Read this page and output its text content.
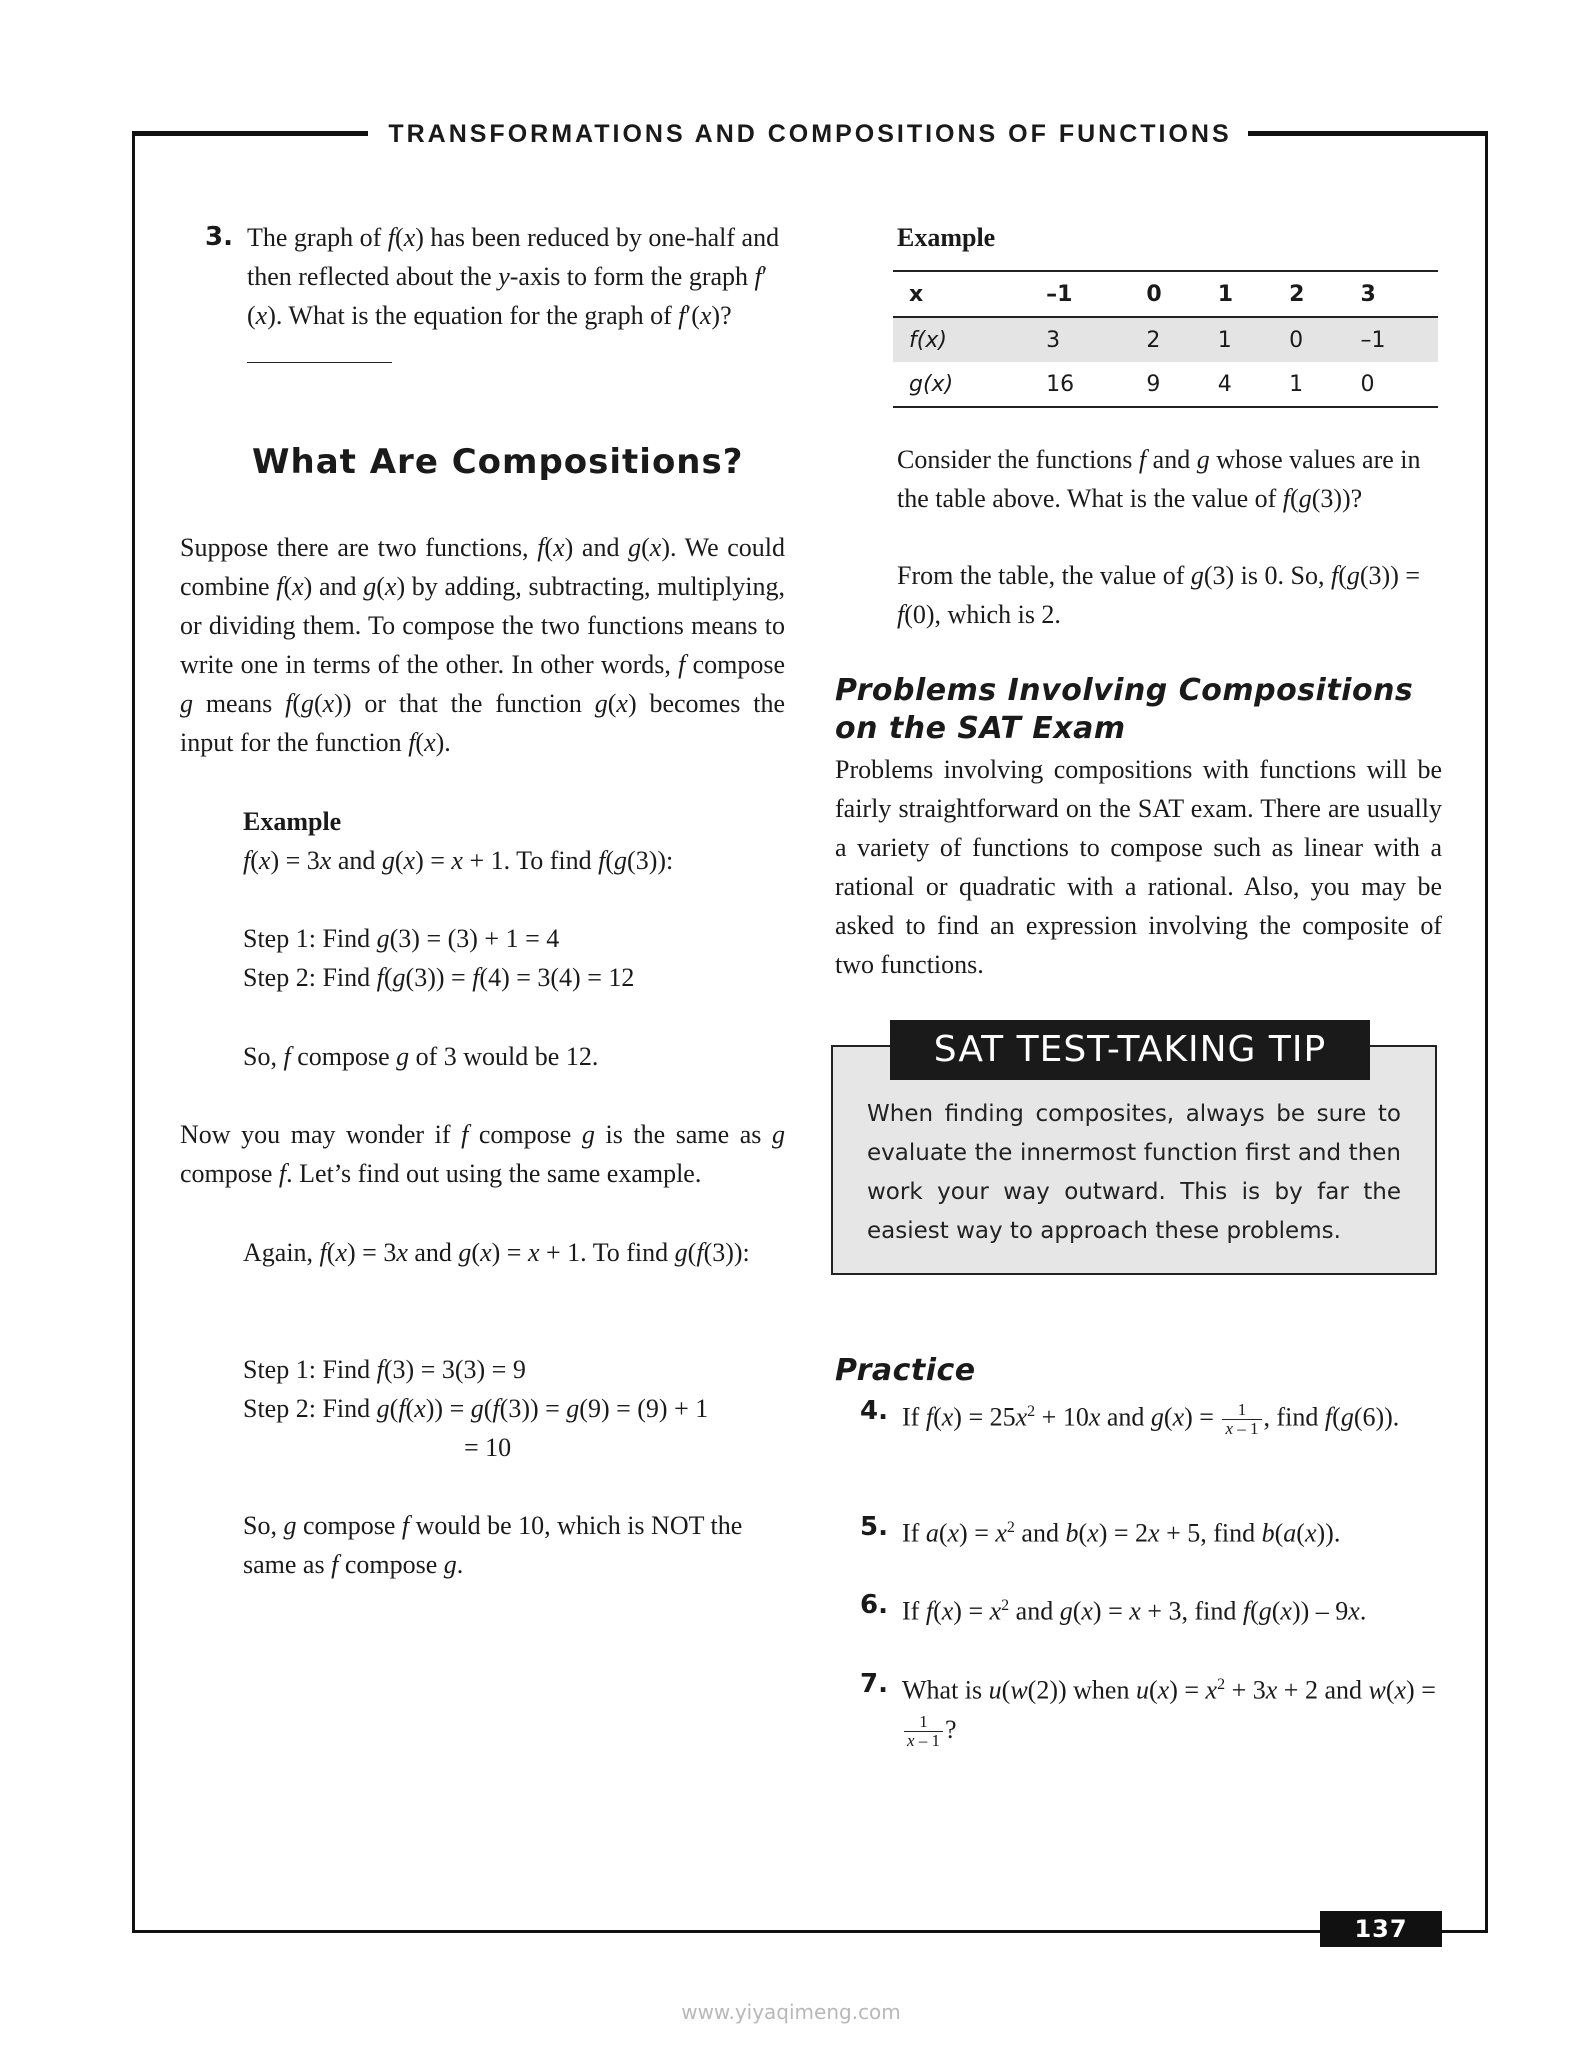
TRANSFORMATIONS AND COMPOSITIONS OF FUNCTIONS
3. The graph of f(x) has been reduced by one-half and then reflected about the y-axis to form the graph f′(x). What is the equation for the graph of f′(x)?
What Are Compositions?
Suppose there are two functions, f(x) and g(x). We could combine f(x) and g(x) by adding, subtracting, multiplying, or dividing them. To compose the two functions means to write one in terms of the other. In other words, f compose g means f(g(x)) or that the function g(x) becomes the input for the function f(x).
Example
f(x) = 3x and g(x) = x + 1. To find f(g(3)):
Step 1: Find g(3) = (3) + 1 = 4
Step 2: Find f(g(3)) = f(4) = 3(4) = 12
So, f compose g of 3 would be 12.
Now you may wonder if f compose g is the same as g compose f. Let’s find out using the same example.
Again, f(x) = 3x and g(x) = x + 1. To find g(f(3)):
Step 1: Find f(3) = 3(3) = 9
Step 2: Find g(f(x)) = g(f(3)) = g(9) = (9) + 1
= 10
So, g compose f would be 10, which is NOT the same as f compose g.
Example
x	–1	0	1	2	3
f(x)	3	2	1	0	–1
g(x)	16	9	4	1	0
Consider the functions f and g whose values are in the table above. What is the value of f(g(3))?
From the table, the value of g(3) is 0. So, f(g(3)) = f(0), which is 2.
Problems Involving Compositions on the SAT Exam
Problems involving compositions with functions will be fairly straightforward on the SAT exam. There are usually a variety of functions to compose such as linear with a rational or quadratic with a rational. Also, you may be asked to find an expression involving the composite of two functions.
SAT TEST-TAKING TIP
When finding composites, always be sure to evaluate the innermost function first and then work your way outward. This is by far the easiest way to approach these problems.
Practice
4. If $f(x) = 25x^2 + 10x$ and $g(x) = \frac{1}{x - 1}$ , find f(g(6)).
5. If $a(x) = x^2$ and b(x) = 2x + 5, find b(a(x)).
6. If $f(x) = x^2$ and g(x) = x + 3, find f(g(x)) – 9x.
7. What is u(w(2)) when $u(x) = x^2 + 3x + 2$ and w(x) =
$\frac{1}{x - 1}$ ?
137
www.yiyaqimeng.com
